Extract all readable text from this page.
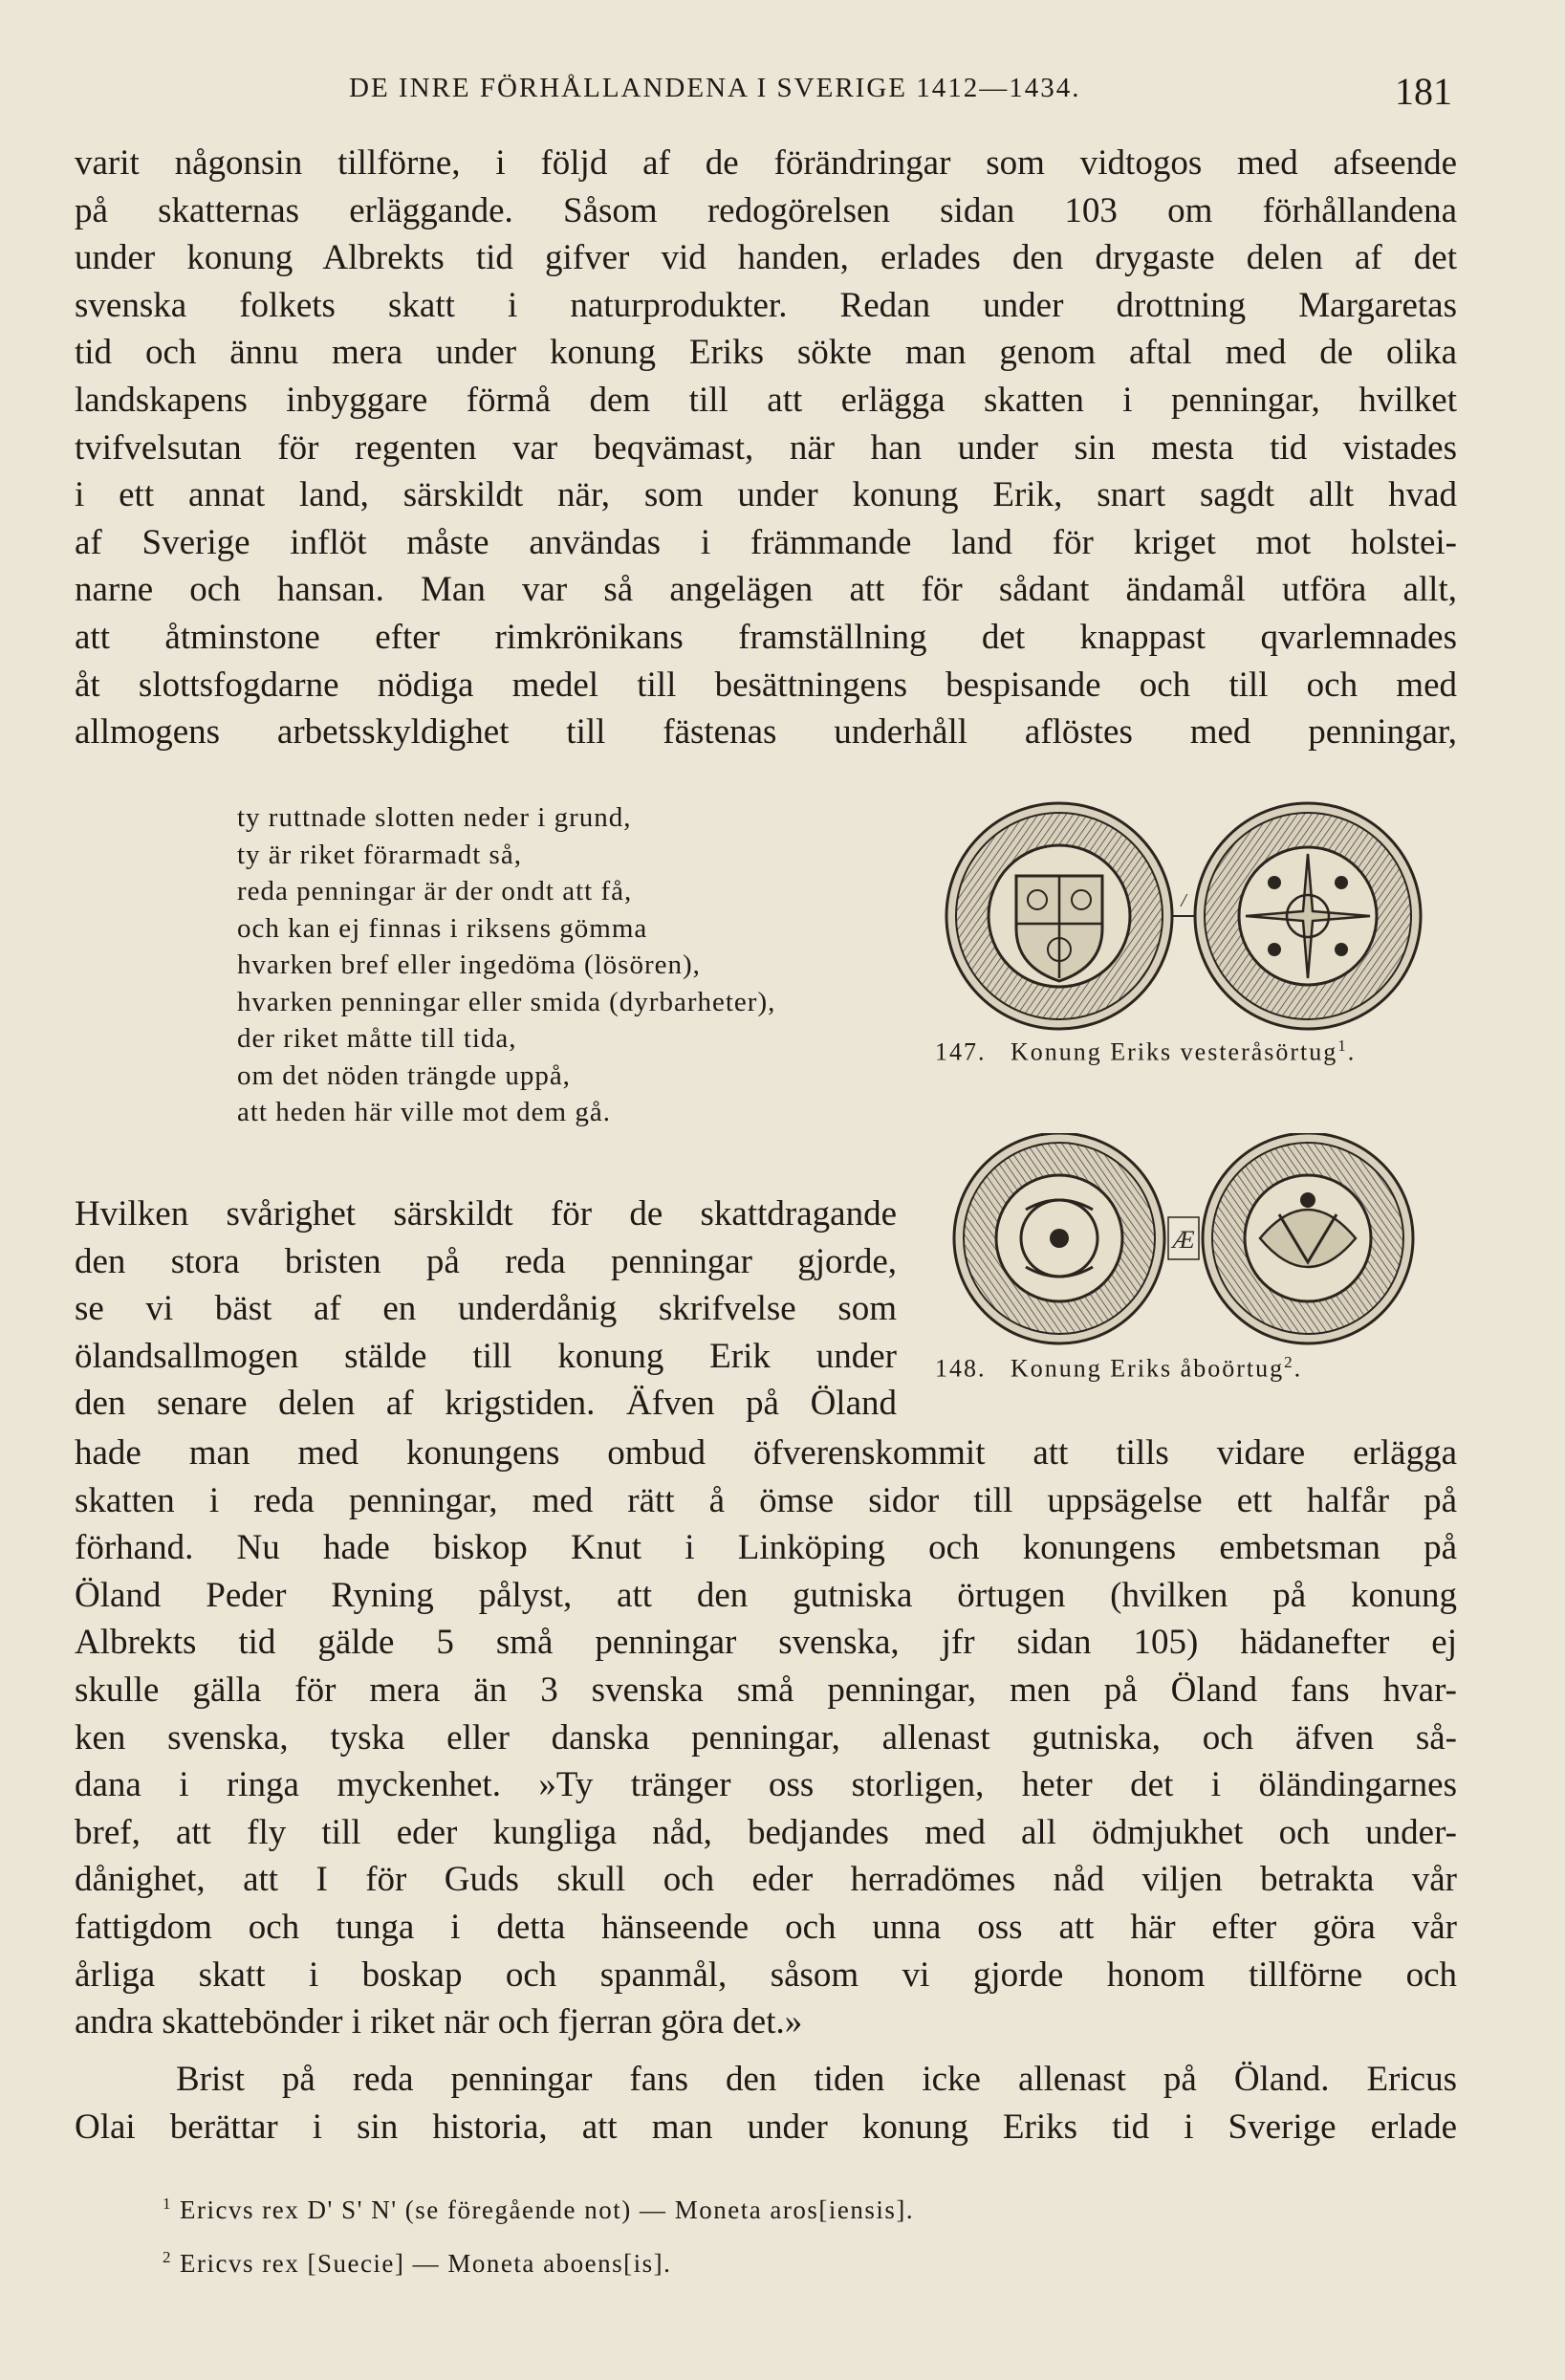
DE INRE FÖRHÅLLANDENA I SVERIGE 1412—1434.	181
varit någonsin tillförne, i följd af de förändringar som vidtogos med afseende
på skatternas erläggande. Såsom redogörelsen sidan 103 om förhållandena
under konung Albrekts tid gifver vid handen, erlades den drygaste delen af det
svenska folkets skatt i naturprodukter. Redan under drottning Margaretas
tid och ännu mera under konung Eriks sökte man genom aftal med de olika
landskapens inbyggare förmå dem till att erlägga skatten i penningar, hvilket
tvifvelsutan för regenten var beqvämast, när han under sin mesta tid vistades
i ett annat land, särskildt när, som under konung Erik, snart sagdt allt hvad
af Sverige inflöt måste användas i främmande land för kriget mot holstei-
narne och hansan. Man var så angelägen att för sådant ändamål utföra allt,
att åtminstone efter rimkrönikans framställning det knappast qvarlemnades
åt slottsfogdarne nödiga medel till besättningens bespisande och till och med
allmogens arbetsskyldighet till fästenas underhåll aflöstes med penningar,
ty ruttnade slotten neder i grund,
ty är riket förarmadt så,
reda penningar är der ondt att få,
och kan ej finnas i riksens gömma
hvarken bref eller ingedöma (lösören),
hvarken penningar eller smida (dyrbarheter),
der riket måtte till tida,
om det nöden trängde uppå,
att heden här ville mot dem gå.
/
147. Konung Eriks vesteråsörtug$^1$.
Æ
148. Konung Eriks åboörtug$^2$.
Hvilken svårighet särskildt för de skattdragande
den stora bristen på reda penningar gjorde,
se vi bäst af en underdånig skrifvelse som
ölandsallmogen stälde till konung Erik under
den senare delen af krigstiden. Äfven på Öland
hade man med konungens ombud öfverenskommit att tills vidare erlägga
skatten i reda penningar, med rätt å ömse sidor till uppsägelse ett halfår på
förhand. Nu hade biskop Knut i Linköping och konungens embetsman på
Öland Peder Ryning pålyst, att den gutniska örtugen (hvilken på konung
Albrekts tid gälde 5 små penningar svenska, jfr sidan 105) hädanefter ej
skulle gälla för mera än 3 svenska små penningar, men på Öland fans hvar-
ken svenska, tyska eller danska penningar, allenast gutniska, och äfven så-
dana i ringa myckenhet. »Ty tränger oss storligen, heter det i öländingarnes
bref, att fly till eder kungliga nåd, bedjandes med all ödmjukhet och under-
dånighet, att I för Guds skull och eder herradömes nåd viljen betrakta vår
fattigdom och tunga i detta hänseende och unna oss att här efter göra vår
årliga skatt i boskap och spanmål, såsom vi gjorde honom tillförne och
andra skattebönder i riket när och fjerran göra det.»
Brist på reda penningar fans den tiden icke allenast på Öland. Ericus
Olai berättar i sin historia, att man under konung Eriks tid i Sverige erlade
$^1$ Ericvs rex D' S' N' (se föregående not) — Moneta aros[iensis].
$^2$ Ericvs rex [Suecie] — Moneta aboens[is].
